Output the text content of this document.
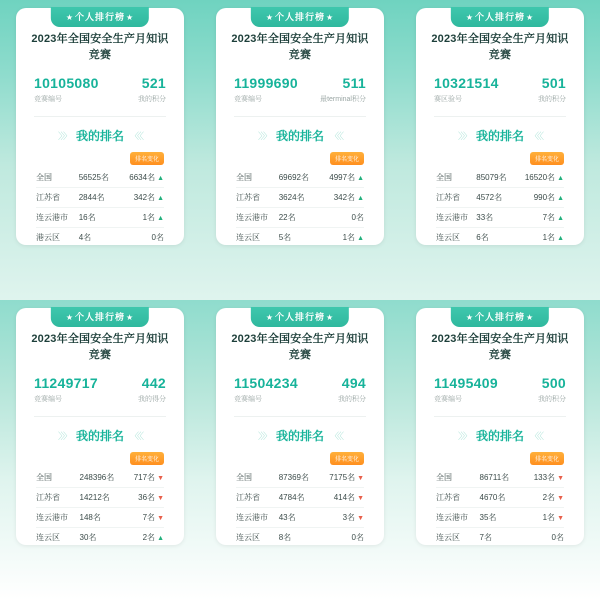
★个人排行榜★
2023年全国安全生产月知识竞赛
10105080
竞赛编号
521
我的积分
〉〉〉 我的排名 〈〈〈
排名变化
全国	56525名	6634名 ▲
江苏省	2844名	342名 ▲
连云港市	16名	1名 ▲
港云区	4名	0名
★个人排行榜★
2023年全国安全生产月知识竞赛
11999690
竞赛编号
511
最terminal积分
〉〉〉 我的排名 〈〈〈
排名变化
全国	69692名	4997名 ▲
江苏省	3624名	342名 ▲
连云港市	22名	0名
连云区	5名	1名 ▲
★个人排行榜★
2023年全国安全生产月知识竞赛
10321514
赛区验号
501
我的积分
〉〉〉 我的排名 〈〈〈
排名变化
全国	85079名	16520名 ▲
江苏省	4572名	990名 ▲
连云港市	33名	7名 ▲
连云区	6名	1名 ▲
★个人排行榜★
2023年全国安全生产月知识竞赛
11249717
竞赛编号
442
我的得分
〉〉〉 我的排名 〈〈〈
排名变化
全国	248396名	717名 ▼
江苏省	14212名	36名 ▼
连云港市	148名	7名 ▼
连云区	30名	2名 ▲
★个人排行榜★
2023年全国安全生产月知识竞赛
11504234
竞赛编号
494
我的积分
〉〉〉 我的排名 〈〈〈
排名变化
全国	87369名	7175名 ▼
江苏省	4784名	414名 ▼
连云港市	43名	3名 ▼
连云区	8名	0名
★个人排行榜★
2023年全国安全生产月知识竞赛
11495409
竞赛编号
500
我的积分
〉〉〉 我的排名 〈〈〈
排名变化
全国	86711名	133名 ▼
江苏省	4670名	2名 ▼
连云港市	35名	1名 ▼
连云区	7名	0名
